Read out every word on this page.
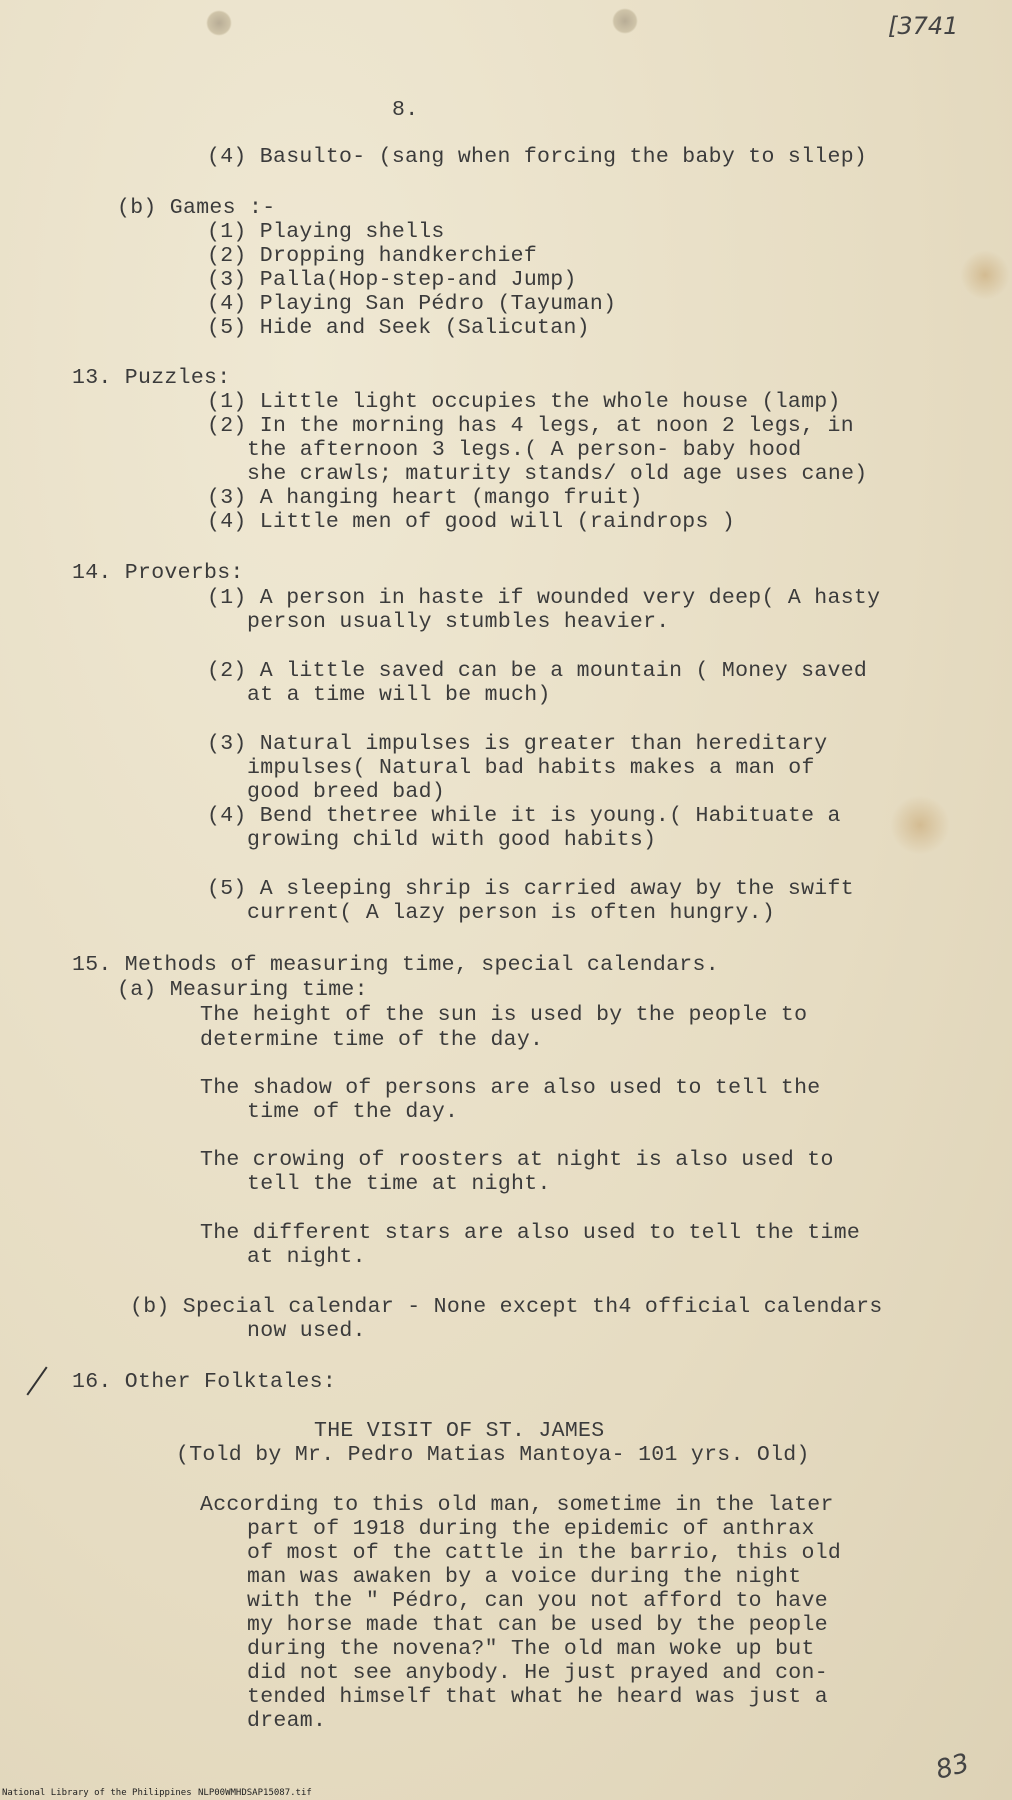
[3741
83
8.
(4) Basulto- (sang when forcing the baby to sllep)
(b) Games :-
(1) Playing shells
(2) Dropping handkerchief
(3) Palla(Hop-step-and Jump)
(4) Playing San Pédro (Tayuman)
(5) Hide and Seek (Salicutan)
13. Puzzles:
(1) Little light occupies the whole house (lamp)
(2) In the morning has 4 legs, at noon 2 legs, in
the afternoon 3 legs.( A person- baby hood
she crawls; maturity stands/ old age uses cane)
(3) A hanging heart (mango fruit)
(4) Little men of good will (raindrops )
14. Proverbs:
(1) A person in haste if wounded very deep( A hasty
person usually stumbles heavier.
(2) A little saved can be a mountain ( Money saved
at a time will be much)
(3) Natural impulses is greater than hereditary
impulses( Natural bad habits makes a man of
good breed bad)
(4) Bend thetree while it is young.( Habituate a
growing child with good habits)
(5) A sleeping shrip is carried away by the swift
current( A lazy person is often hungry.)
15. Methods of measuring time, special calendars.
(a) Measuring time:
The height of the sun is used by the people to
determine time of the day.
The shadow of persons are also used to tell the
time of the day.
The crowing of roosters at night is also used to
tell the time at night.
The different stars are also used to tell the time
at night.
(b) Special calendar - None except th4 official calendars
now used.
16. Other Folktales:
THE VISIT OF ST. JAMES
(Told by Mr. Pedro Matias Mantoya- 101 yrs. Old)
According to this old man, sometime in the later
part of 1918 during the epidemic of anthrax
of most of the cattle in the barrio, this old
man was awaken by a voice during the night
with the " Pédro, can you not afford to have
my horse made that can be used by the people
during the novena?" The old man woke up but
did not see anybody. He just prayed and con-
tended himself that what he heard was just a
dream.
National Library of the Philippines NLP00WMHDSAP15087.tif
